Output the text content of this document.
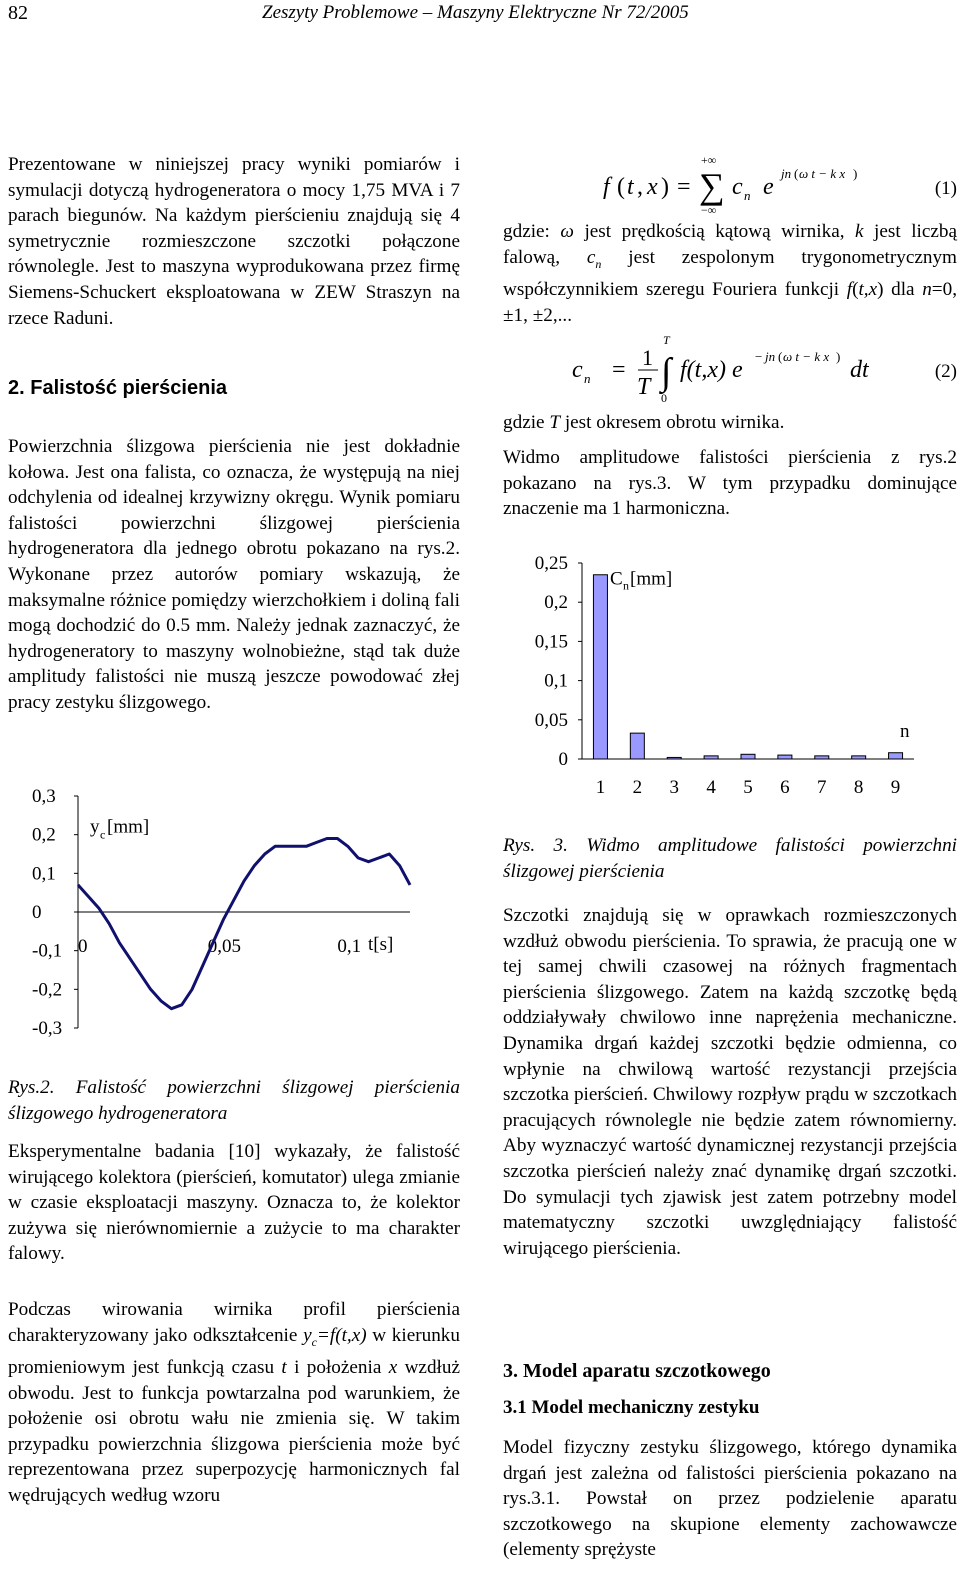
82	Zeszyty Problemowe – Maszyny Elektryczne Nr 72/2005

Prezentowane w niniejszej pracy wyniki pomiarów i symulacji dotyczą hydrogeneratora o mocy 1,75 MVA i 7 parach biegunów. Na każdym pierścieniu znajdują się 4 symetrycznie rozmieszczone szczotki połączone równolegle. Jest to maszyna wyprodukowana przez firmę Siemens-Schuckert eksploatowana w ZEW Straszyn na rzece Raduni.

2. Falistość pierścienia

Powierzchnia ślizgowa pierścienia nie jest dokładnie kołowa. Jest ona falista, co oznacza, że występują na niej odchylenia od idealnej krzywizny okręgu. Wynik pomiaru falistości powierzchni ślizgowej pierścienia hydrogeneratora dla jednego obrotu pokazano na rys.2. Wykonane przez autorów pomiary wskazują, że maksymalne różnice pomiędzy wierzchołkiem i doliną fali mogą dochodzić do 0.5 mm. Należy jednak zaznaczyć, że hydrogeneratory to maszyny wolnobieżne, stąd tak duże amplitudy falistości nie muszą jeszcze powodować złej pracy zestyku ślizgowego.

0,3
0,2
0,1
0
-0,1
-0,2
-0,3
0	0,05	0,1
y c [mm]
t[s]

Rys.2. Falistość powierzchni ślizgowej pierścienia ślizgowego hydrogeneratora

Eksperymentalne badania [10] wykazały, że falistość wirującego kolektora (pierścień, komutator) ulega zmianie w czasie eksploatacji maszyny. Oznacza to, że kolektor zużywa się nierównomiernie a zużycie to ma charakter falowy.

Podczas wirowania wirnika profil pierścienia charakteryzowany jako odkształcenie $y_c=f(t,x)$ w kierunku promieniowym jest funkcją czasu t i położenia x wzdłuż obwodu. Jest to funkcja powtarzalna pod warunkiem, że położenie osi obrotu wału nie zmienia się. W takim przypadku powierzchnia ślizgowa pierścienia może być reprezentowana przez superpozycję harmonicznych fal wędrujących według wzoru

f ( t , x ) = ∑
+∞
−∞
c n e
jn ( ω t − k x )
(1)

gdzie: ω jest prędkością kątową wirnika, k jest liczbą falową, $c_n$ jest zespolonym trygonometrycznym współczynnikiem szeregu Fouriera funkcji f(t,x) dla n=0, ±1, ±2,...

c n = 1
T ∫
T
0
f(t,x) e
− jn ( ω t − k x )
dt	(2)

gdzie T jest okresem obrotu wirnika.

Widmo amplitudowe falistości pierścienia z rys.2 pokazano na rys.3. W tym przypadku dominujące znaczenie ma 1 harmoniczna.

0,25
0,2
0,15
0,1
0,05
0
1 2 3 4 5 6 7 8 9
C n [mm]
n

Rys. 3. Widmo amplitudowe falistości powierzchni ślizgowej pierścienia

Szczotki znajdują się w oprawkach rozmieszczonych wzdłuż obwodu pierścienia. To sprawia, że pracują one w tej samej chwili czasowej na różnych fragmentach pierścienia ślizgowego. Zatem na każdą szczotkę będą oddziaływały chwilowo inne naprężenia mechaniczne. Dynamika drgań każdej szczotki będzie odmienna, co wpłynie na chwilową wartość rezystancji przejścia szczotka pierścień. Chwilowy rozpływ prądu w szczotkach pracujących równolegle nie będzie zatem równomierny. Aby wyznaczyć wartość dynamicznej rezystancji przejścia szczotka pierścień należy znać dynamikę drgań szczotki. Do symulacji tych zjawisk jest zatem potrzebny model matematyczny szczotki uwzględniający falistość wirującego pierścienia.

3. Model aparatu szczotkowego
3.1 Model mechaniczny zestyku

Model fizyczny zestyku ślizgowego, którego dynamika drgań jest zależna od falistości pierścienia pokazano na rys.3.1. Powstał on przez podzielenie aparatu szczotkowego na skupione elementy zachowawcze (elementy sprężyste
